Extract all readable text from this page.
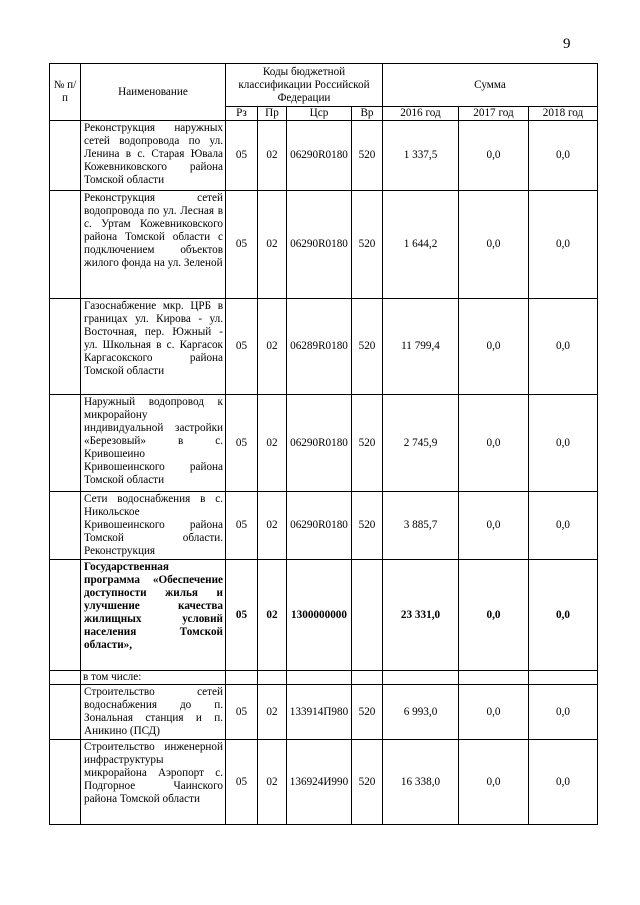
9
№ п/п	Наименование	Коды бюджетной классификации Российской Федерации				Сумма		
		Рз	Пр	Цср	Вр	2016 год	2017 год	2018 год
	Реконструкция наружных сетей водопровода по ул. Ленина в с. Старая Ювала Кожевниковского района Томской области	05	02	06290R0180	520	1 337,5	0,0	0,0
	Реконструкция сетей водопровода по ул. Лесная в с. Уртам Кожевниковского района Томской области с подключением объектов жилого фонда на ул. Зеленой	05	02	06290R0180	520	1 644,2	0,0	0,0
	Газоснабжение мкр. ЦРБ в границах ул. Кирова - ул. Восточная, пер. Южный - ул. Школьная в с. Каргасок Каргасокского района Томской области	05	02	06289R0180	520	11 799,4	0,0	0,0
	Наружный водопровод к микрорайону индивидуальной застройки «Березовый» в с. Кривошеино Кривошеинского района Томской области	05	02	06290R0180	520	2 745,9	0,0	0,0
	Сети водоснабжения в с. Никольское Кривошеинского района Томской области. Реконструкция	05	02	06290R0180	520	3 885,7	0,0	0,0
	Государственная программа «Обеспечение доступности жилья и улучшение качества жилищных условий населения Томской области»,	05	02	1300000000		23 331,0	0,0	0,0
	в том числе:							
	Строительство сетей водоснабжения до п. Зональная станция и п. Аникино (ПСД)	05	02	133914П980	520	6 993,0	0,0	0,0
	Строительство инженерной инфраструктуры микрорайона Аэропорт с. Подгорное Чаинского района Томской области	05	02	136924И990	520	16 338,0	0,0	0,0
